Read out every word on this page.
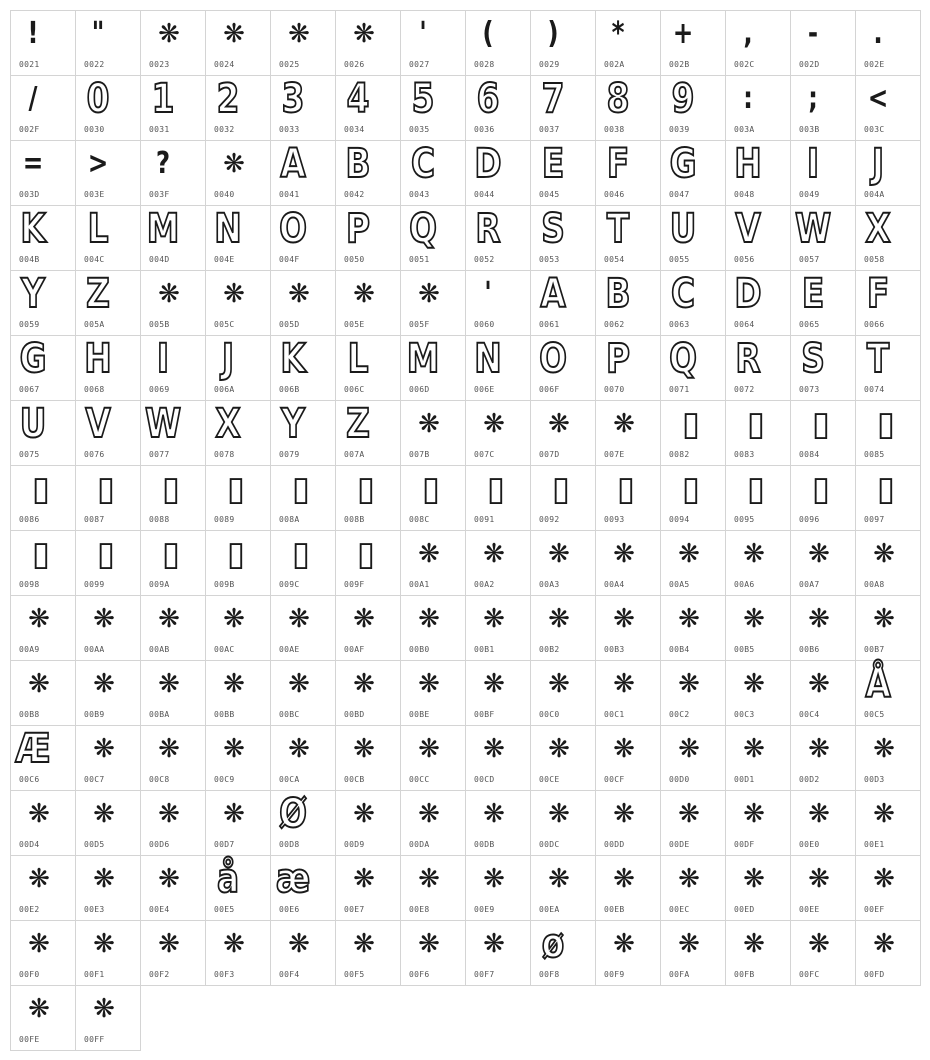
!
0021
"
0022
❋
0023
❋
0024
❋
0025
❋
0026
'
0027
(
0028
)
0029
*
002A
+
002B
,
002C
-
002D
.
002E
/
002F
0
0030
1
0031
2
0032
3
0033
4
0034
5
0035
6
0036
7
0037
8
0038
9
0039
:
003A
;
003B
<
003C
=
003D
>
003E
?
003F
❋
0040
A
0041
B
0042
C
0043
D
0044
E
0045
F
0046
G
0047
H
0048
I
0049
J
004A
K
004B
L
004C
M
004D
N
004E
O
004F
P
0050
Q
0051
R
0052
S
0053
T
0054
U
0055
V
0056
W
0057
X
0058
Y
0059
Z
005A
❋
005B
❋
005C
❋
005D
❋
005E
❋
005F
'
0060
A
0061
B
0062
C
0063
D
0064
E
0065
F
0066
G
0067
H
0068
I
0069
J
006A
K
006B
L
006C
M
006D
N
006E
O
006F
P
0070
Q
0071
R
0072
S
0073
T
0074
U
0075
V
0076
W
0077
X
0078
Y
0079
Z
007A
❋
007B
❋
007C
❋
007D
❋
007E
▯
0082
▯
0083
▯
0084
▯
0085
▯
0086
▯
0087
▯
0088
▯
0089
▯
008A
▯
008B
▯
008C
▯
0091
▯
0092
▯
0093
▯
0094
▯
0095
▯
0096
▯
0097
▯
0098
▯
0099
▯
009A
▯
009B
▯
009C
▯
009F
❋
00A1
❋
00A2
❋
00A3
❋
00A4
❋
00A5
❋
00A6
❋
00A7
❋
00A8
❋
00A9
❋
00AA
❋
00AB
❋
00AC
❋
00AE
❋
00AF
❋
00B0
❋
00B1
❋
00B2
❋
00B3
❋
00B4
❋
00B5
❋
00B6
❋
00B7
❋
00B8
❋
00B9
❋
00BA
❋
00BB
❋
00BC
❋
00BD
❋
00BE
❋
00BF
❋
00C0
❋
00C1
❋
00C2
❋
00C3
❋
00C4
Å
00C5
Æ
00C6
❋
00C7
❋
00C8
❋
00C9
❋
00CA
❋
00CB
❋
00CC
❋
00CD
❋
00CE
❋
00CF
❋
00D0
❋
00D1
❋
00D2
❋
00D3
❋
00D4
❋
00D5
❋
00D6
❋
00D7
Ø
00D8
❋
00D9
❋
00DA
❋
00DB
❋
00DC
❋
00DD
❋
00DE
❋
00DF
❋
00E0
❋
00E1
❋
00E2
❋
00E3
❋
00E4
å
00E5
æ
00E6
❋
00E7
❋
00E8
❋
00E9
❋
00EA
❋
00EB
❋
00EC
❋
00ED
❋
00EE
❋
00EF
❋
00F0
❋
00F1
❋
00F2
❋
00F3
❋
00F4
❋
00F5
❋
00F6
❋
00F7
ø
00F8
❋
00F9
❋
00FA
❋
00FB
❋
00FC
❋
00FD
❋
00FE
❋
00FF
